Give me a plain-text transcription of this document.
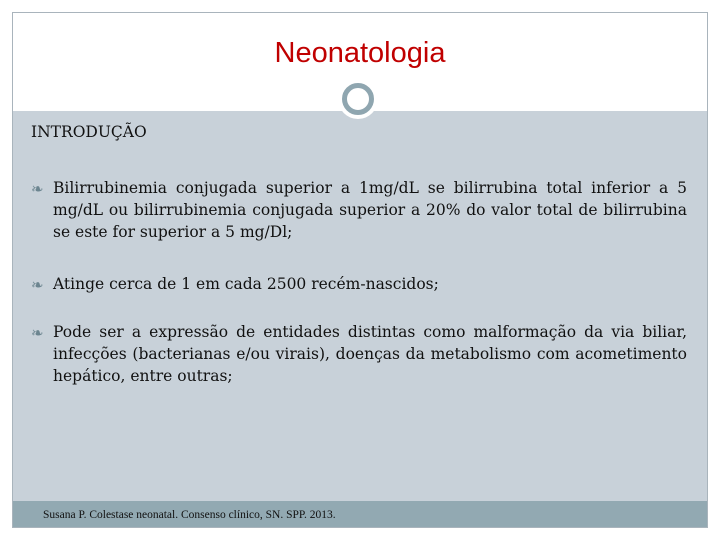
Neonatologia
INTRODUÇÃO
❧ Bilirrubinemia conjugada superior a 1mg/dL se bilirrubina total inferior a 5 mg/dL ou bilirrubinemia conjugada superior a 20% do valor total de bilirrubina se este for superior a 5 mg/Dl;
❧ Atinge cerca de 1 em cada 2500 recém-nascidos;
❧ Pode ser a expressão de entidades distintas como malformação da via biliar, infecções (bacterianas e/ou virais), doenças da metabolismo com acometimento hepático, entre outras;
Susana P. Colestase neonatal. Consenso clínico, SN. SPP. 2013.
